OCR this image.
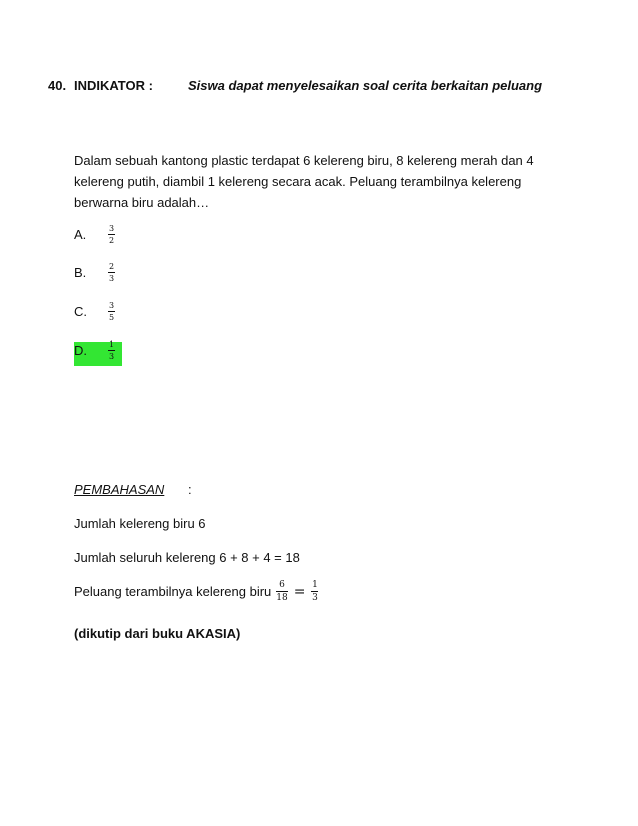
40. INDIKATOR :	Siswa dapat menyelesaikan soal cerita berkaitan peluang

Dalam sebuah kantong plastic terdapat 6 kelereng biru, 8 kelereng merah dan 4 kelereng putih, diambil 1 kelereng secara acak. Peluang terambilnya kelereng berwarna biru adalah…

A.	$\frac{3}{2}$
B.	$\frac{2}{3}$
C.	$\frac{3}{5}$
D.	$\frac{1}{3}$
PEMBAHASAN :
Jumlah kelereng biru 6
Jumlah seluruh kelereng 6 + 8 + 4 = 18
Peluang terambilnya kelereng biru $\frac{6}{18} = \frac{1}{3}$
(dikutip dari buku AKASIA)
